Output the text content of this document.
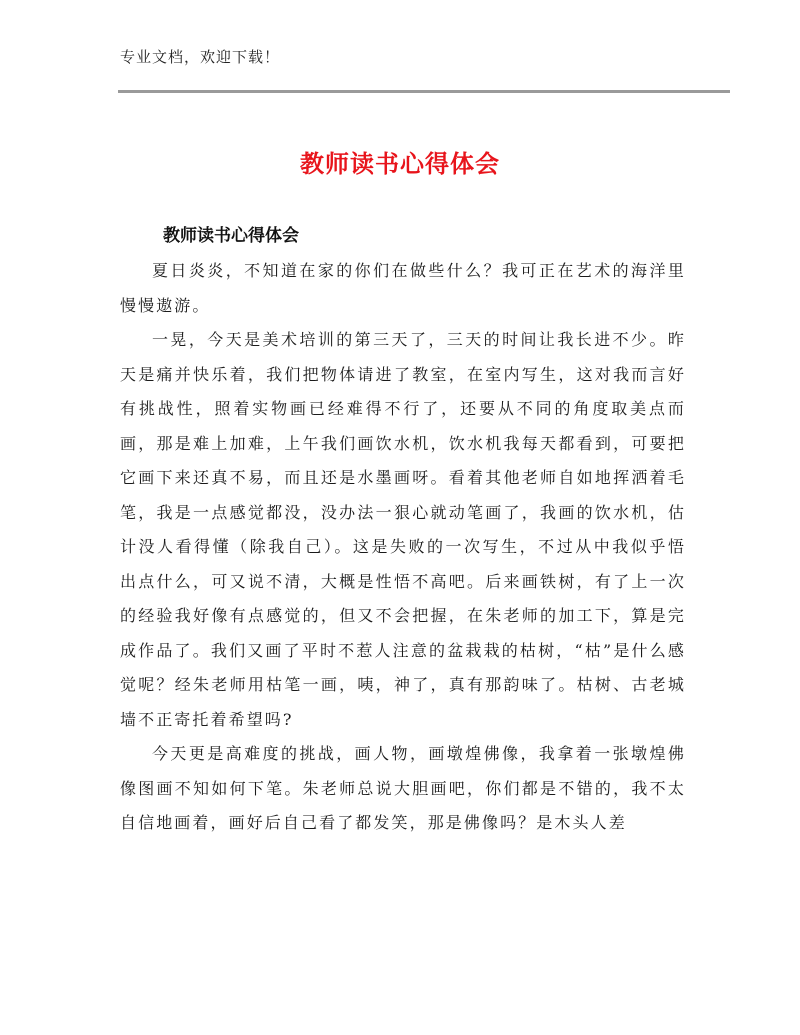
专业文档，欢迎下载！
教师读书心得体会
教师读书心得体会

夏日炎炎，不知道在家的你们在做些什么？我可正在艺术的海洋里慢慢遨游。

一晃，今天是美术培训的第三天了，三天的时间让我长进不少。昨天是痛并快乐着，我们把物体请进了教室，在室内写生，这对我而言好有挑战性，照着实物画已经难得不行了，还要从不同的角度取美点而画，那是难上加难，上午我们画饮水机，饮水机我每天都看到，可要把它画下来还真不易，而且还是水墨画呀。看着其他老师自如地挥洒着毛笔，我是一点感觉都没，没办法一狠心就动笔画了，我画的饮水机，估计没人看得懂（除我自己）。这是失败的一次写生，不过从中我似乎悟出点什么，可又说不清，大概是性悟不高吧。后来画铁树，有了上一次的经验我好像有点感觉的，但又不会把握，在朱老师的加工下，算是完成作品了。我们又画了平时不惹人注意的盆栽栽的枯树，“枯”是什么感觉呢？经朱老师用枯笔一画，咦，神了，真有那韵味了。枯树、古老城墙不正寄托着希望吗?

今天更是高难度的挑战，画人物，画墩煌佛像，我拿着一张墩煌佛像图画不知如何下笔。朱老师总说大胆画吧，你们都是不错的，我不太自信地画着，画好后自己看了都发笑，那是佛像吗？是木头人差
